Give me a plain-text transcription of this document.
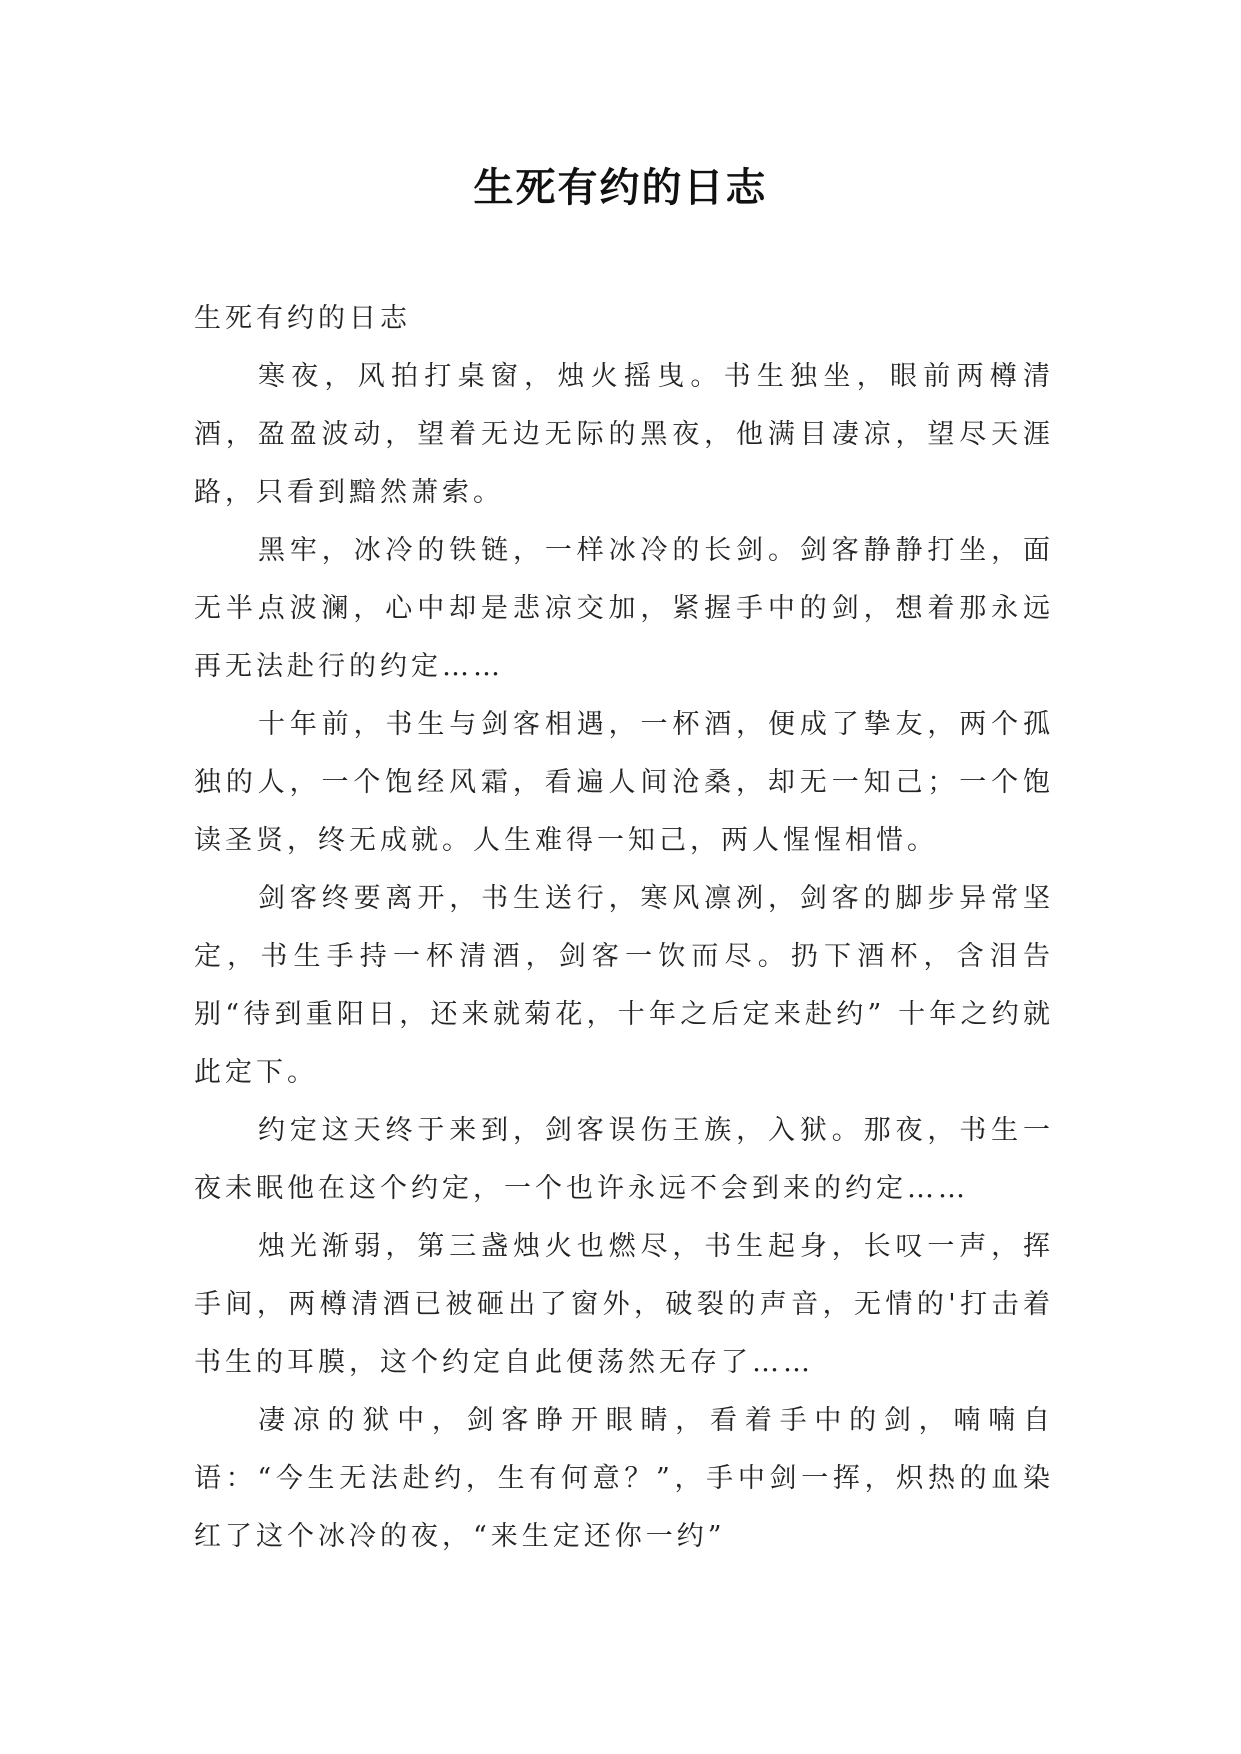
生死有约的日志

生死有约的日志

寒夜，风拍打桌窗，烛火摇曳。书生独坐，眼前两樽清酒，盈盈波动，望着无边无际的黑夜，他满目凄凉，望尽天涯路，只看到黯然萧索。

黑牢，冰冷的铁链，一样冰冷的长剑。剑客静静打坐，面无半点波澜，心中却是悲凉交加，紧握手中的剑，想着那永远再无法赴行的约定……

十年前，书生与剑客相遇，一杯酒，便成了挚友，两个孤独的人，一个饱经风霜，看遍人间沧桑，却无一知己；一个饱读圣贤，终无成就。人生难得一知己，两人惺惺相惜。

剑客终要离开，书生送行，寒风凛冽，剑客的脚步异常坚定，书生手持一杯清酒，剑客一饮而尽。扔下酒杯，含泪告别“待到重阳日，还来就菊花，十年之后定来赴约” 十年之约就此定下。

约定这天终于来到，剑客误伤王族，入狱。那夜，书生一夜未眠他在这个约定，一个也许永远不会到来的约定……

烛光渐弱，第三盏烛火也燃尽，书生起身，长叹一声，挥手间，两樽清酒已被砸出了窗外，破裂的声音，无情的'打击着书生的耳膜，这个约定自此便荡然无存了……

凄凉的狱中，剑客睁开眼睛，看着手中的剑，喃喃自语：“今生无法赴约，生有何意？”，手中剑一挥，炽热的血染红了这个冰冷的夜，“来生定还你一约”
